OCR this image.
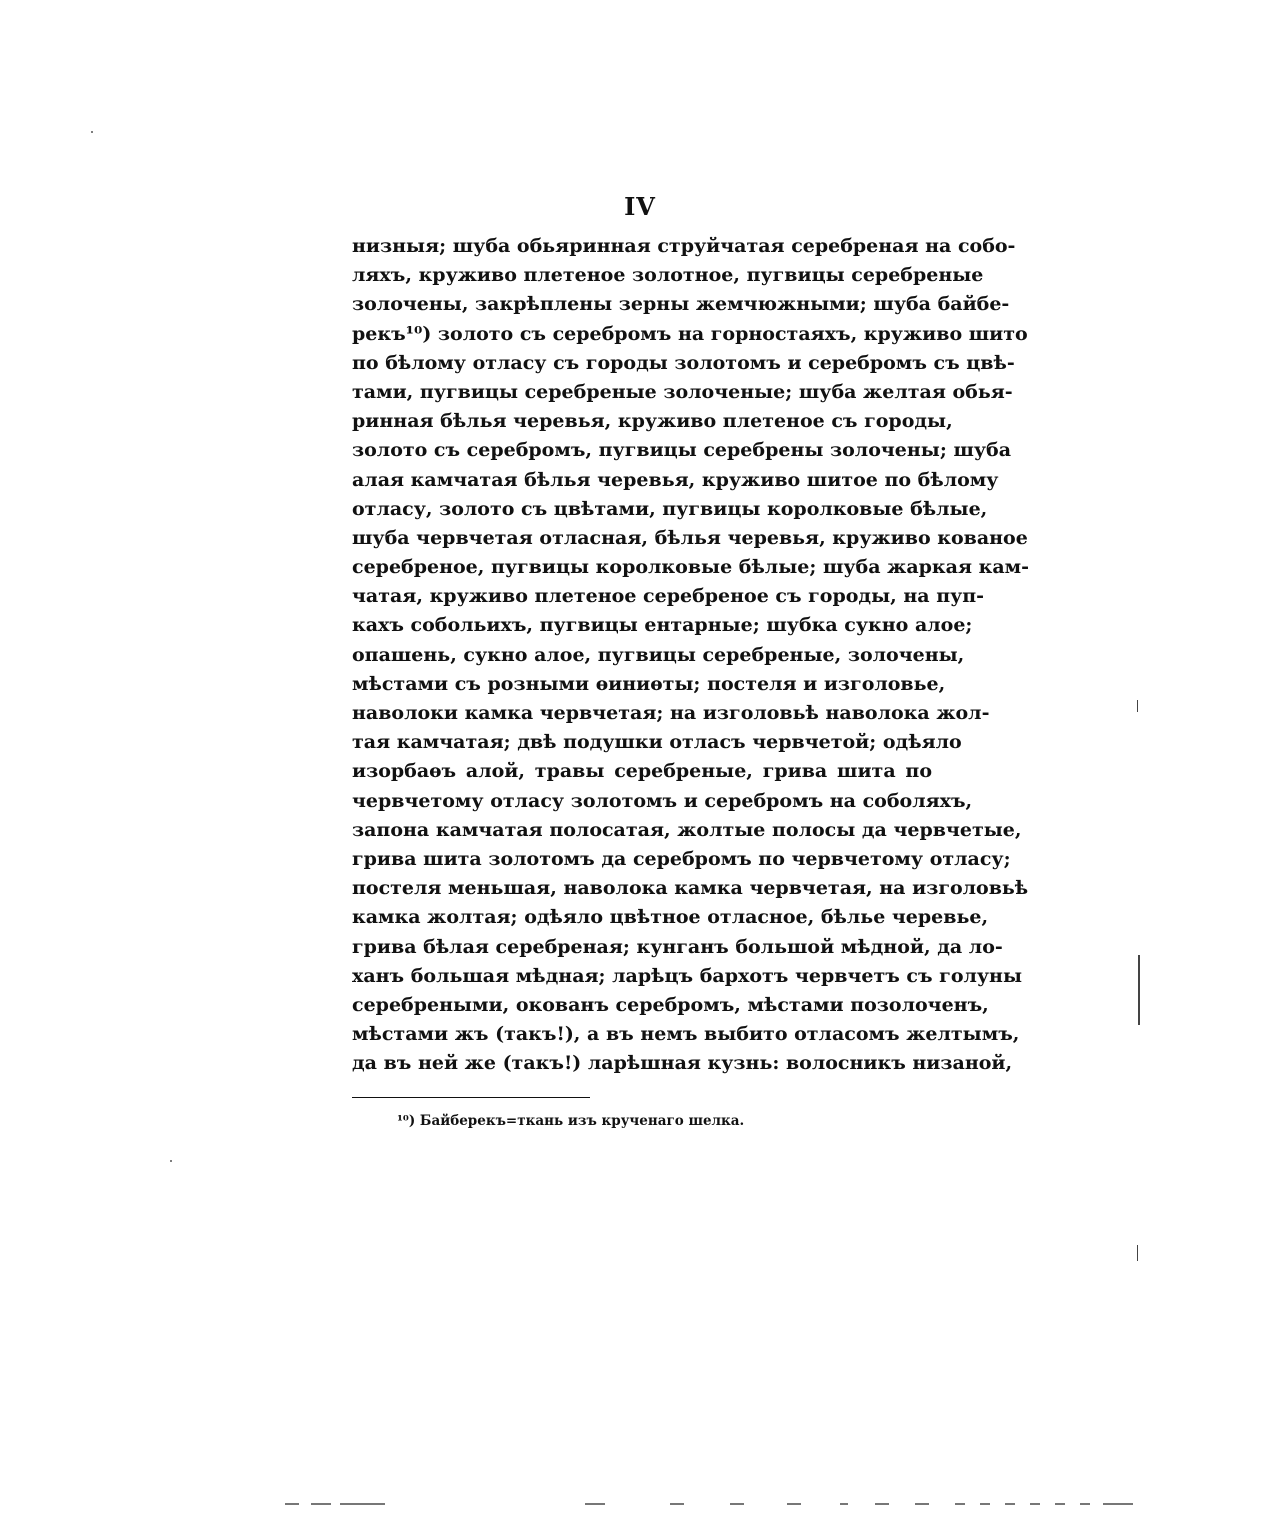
IV
низныя; шуба обьяринная струйчатая серебреная на собо-
ляхъ, круживо плетеное золотное, пугвицы серебреные
золочены, закрѣплены зерны жемчюжными; шуба байбе-
рекъ¹⁰) золото съ серебромъ на горностаяхъ, круживо шито
по бѣлому отласу съ городы золотомъ и серебромъ съ цвѣ-
тами, пугвицы серебреные золоченые; шуба желтая обья-
ринная бѣлья черевья, круживо плетеное съ городы,
золото съ серебромъ, пугвицы серебрены золочены; шуба
алая камчатая бѣлья черевья, круживо шитое по бѣлому
отласу, золото съ цвѣтами, пугвицы королковые бѣлые,
шуба червчетая отласная, бѣлья черевья, круживо кованое
серебреное, пугвицы королковые бѣлые; шуба жаркая кам-
чатая, круживо плетеное серебреное съ городы, на пуп-
кахъ собольихъ, пугвицы ентарные; шубка сукно алое;
опашень, сукно алое, пугвицы серебреные, золочены,
мѣстами съ розными ѳиниѳты; постеля и изголовье,
наволоки камка червчетая; на изголовьѣ наволока жол-
тая камчатая; двѣ подушки отласъ червчетой; одѣяло
изорбаѳъ алой, травы серебреные, грива шита по
червчетому отласу золотомъ и серебромъ на соболяхъ,
запона камчатая полосатая, жолтые полосы да червчетые,
грива шита золотомъ да серебромъ по червчетому отласу;
постеля меньшая, наволока камка червчетая, на изголовьѣ
камка жолтая; одѣяло цвѣтное отласное, бѣлье черевье,
грива бѣлая серебреная; кунганъ большой мѣдной, да ло-
ханъ большая мѣдная; ларѣцъ бархотъ червчетъ съ голуны
серебреными, окованъ серебромъ, мѣстами позолоченъ,
мѣстами жъ (такъ!), а въ немъ выбито отласомъ желтымъ,
да въ ней же (такъ!) ларѣшная кузнь: волосникъ низаной,
¹⁰) Байберекъ=ткань изъ крученаго шелка.
